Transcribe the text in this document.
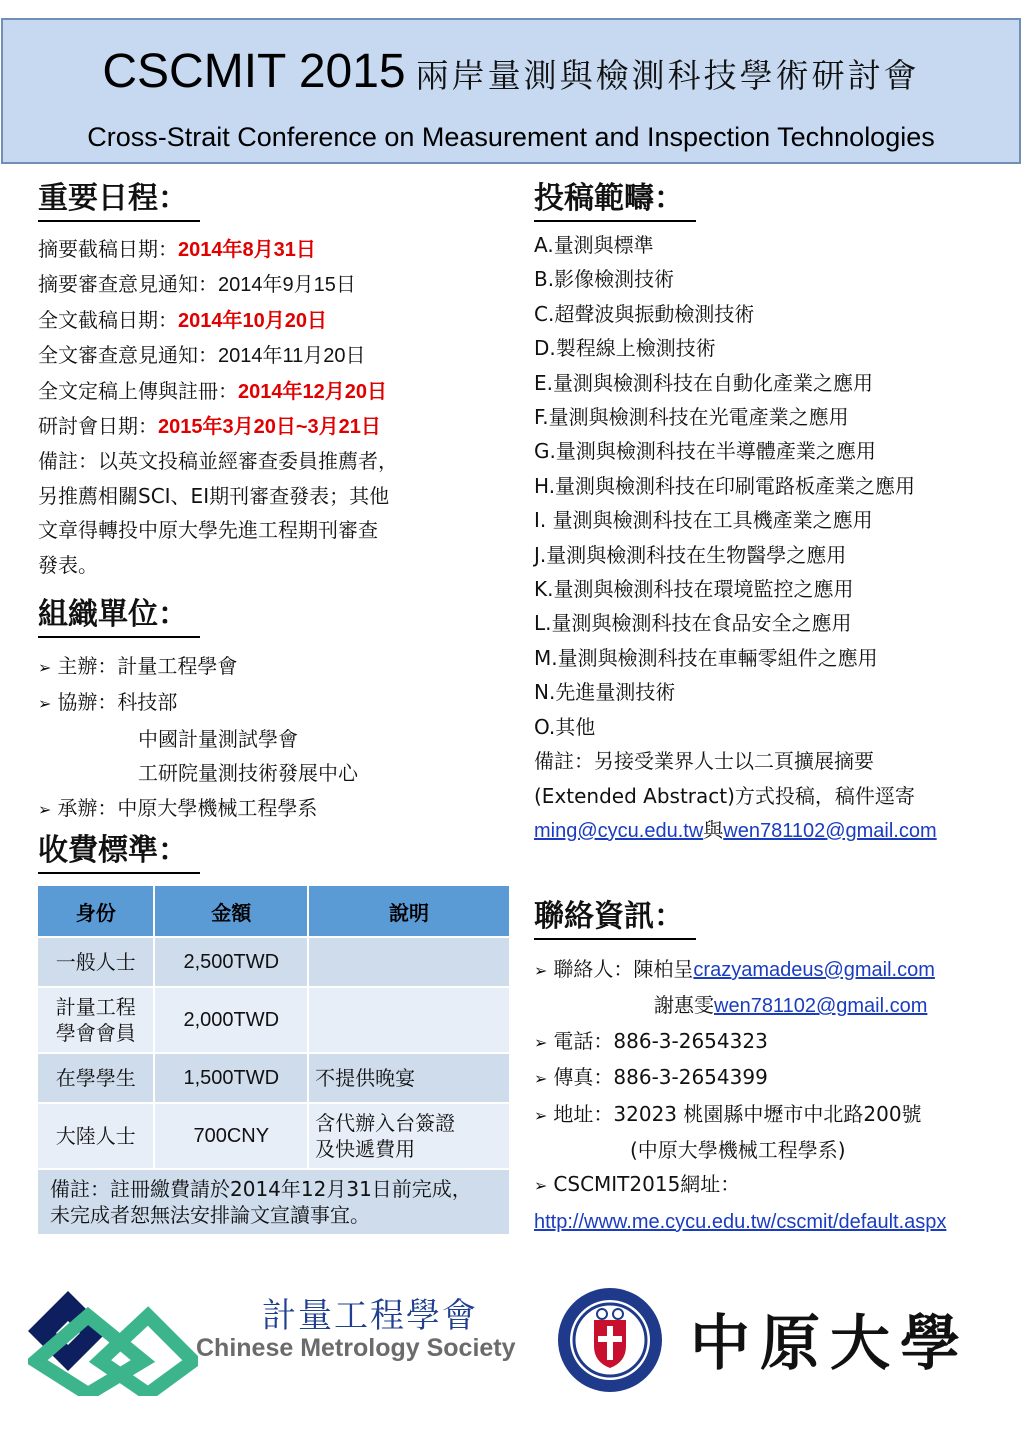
CSCMIT 2015 兩岸量測與檢測科技學術研討會
Cross-Strait Conference on Measurement and Inspection Technologies
重要日程：
摘要截稿日期：2014年8月31日
摘要審查意見通知：2014年9月15日
全文截稿日期：2014年10月20日
全文審查意見通知：2014年11月20日
全文定稿上傳與註冊：2014年12月20日
研討會日期：2015年3月20日~3月21日
備註：以英文投稿並經審查委員推薦者，
另推薦相關SCI、EI期刊審查發表；其他
文章得轉投中原大學先進工程期刊審查
發表。
組織單位：
➢ 主辦：計量工程學會
➢ 協辦：科技部
中國計量測試學會
工研院量測技術發展中心
➢ 承辦：中原大學機械工程學系
收費標準：
身份	金額	說明
一般人士	2,500TWD	
計量工程
學會會員	2,000TWD	
在學學生	1,500TWD	不提供晚宴
大陸人士	700CNY	含代辦入台簽證
及快遞費用
備註：註冊繳費請於2014年12月31日前完成， 未完成者恕無法安排論文宣讀事宜。		
投稿範疇：
A.量測與標準
B.影像檢測技術
C.超聲波與振動檢測技術
D.製程線上檢測技術
E.量測與檢測科技在自動化產業之應用
F.量測與檢測科技在光電產業之應用
G.量測與檢測科技在半導體產業之應用
H.量測與檢測科技在印刷電路板產業之應用
I. 量測與檢測科技在工具機產業之應用
J.量測與檢測科技在生物醫學之應用
K.量測與檢測科技在環境監控之應用
L.量測與檢測科技在食品安全之應用
M.量測與檢測科技在車輛零組件之應用
N.先進量測技術
O.其他
備註：另接受業界人士以二頁擴展摘要
(Extended Abstract)方式投稿，稿件逕寄
ming@cycu.edu.tw與wen781102@gmail.com
聯絡資訊：
➢ 聯絡人：陳柏呈crazyamadeus@gmail.com
謝惠雯wen781102@gmail.com
➢ 電話：886-3-2654323
➢ 傳真：886-3-2654399
➢ 地址：32023 桃園縣中壢市中北路200號
(中原大學機械工程學系)
➢ CSCMIT2015網址：
http://www.me.cycu.edu.tw/cscmit/default.aspx
計量工程學會
Chinese Metrology Society	中原大學
